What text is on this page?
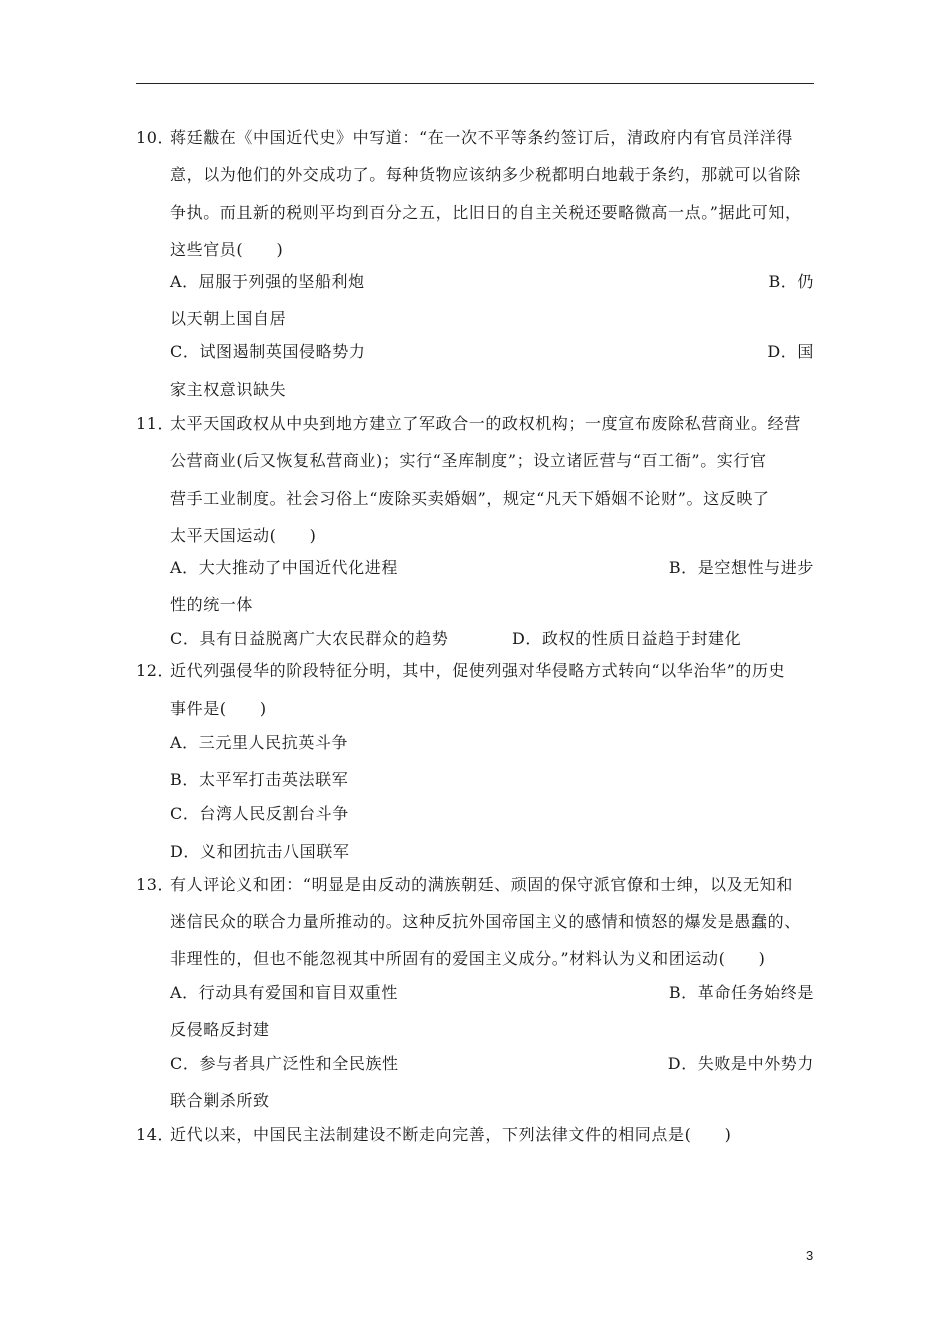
10．
蒋廷黻在《中国近代史》中写道：“在一次不平等条约签订后，清政府内有官员洋洋得
意，以为他们的外交成功了。每种货物应该纳多少税都明白地载于条约，那就可以省除
争执。而且新的税则平均到百分之五，比旧日的自主关税还要略微高一点。”据此可知，
这些官员(　　)
A．屈服于列强的坚船利炮	B．仍
以天朝上国自居
C．试图遏制英国侵略势力	D．国
家主权意识缺失
11．
太平天国政权从中央到地方建立了军政合一的政权机构；一度宣布废除私营商业。经营
公营商业(后又恢复私营商业)；实行“圣库制度”；设立诸匠营与“百工衙”。实行官
营手工业制度。社会习俗上“废除买卖婚姻”，规定“凡天下婚姻不论财”。这反映了
太平天国运动(　　)
A．大大推动了中国近代化进程	B．是空想性与进步
性的统一体
C．具有日益脱离广大农民群众的趋势	D．政权的性质日益趋于封建化
12．
近代列强侵华的阶段特征分明，其中，促使列强对华侵略方式转向“以华治华”的历史
事件是(　　)
A．三元里人民抗英斗争
B．太平军打击英法联军
C．台湾人民反割台斗争
D．义和团抗击八国联军
13．
有人评论义和团：“明显是由反动的满族朝廷、顽固的保守派官僚和士绅，以及无知和
迷信民众的联合力量所推动的。这种反抗外国帝国主义的感情和愤怒的爆发是愚蠢的、
非理性的，但也不能忽视其中所固有的爱国主义成分。”材料认为义和团运动(　　)
A．行动具有爱国和盲目双重性	B．革命任务始终是
反侵略反封建
C．参与者具广泛性和全民族性	D．失败是中外势力
联合剿杀所致
14．
近代以来，中国民主法制建设不断走向完善，下列法律文件的相同点是(　　)
3
